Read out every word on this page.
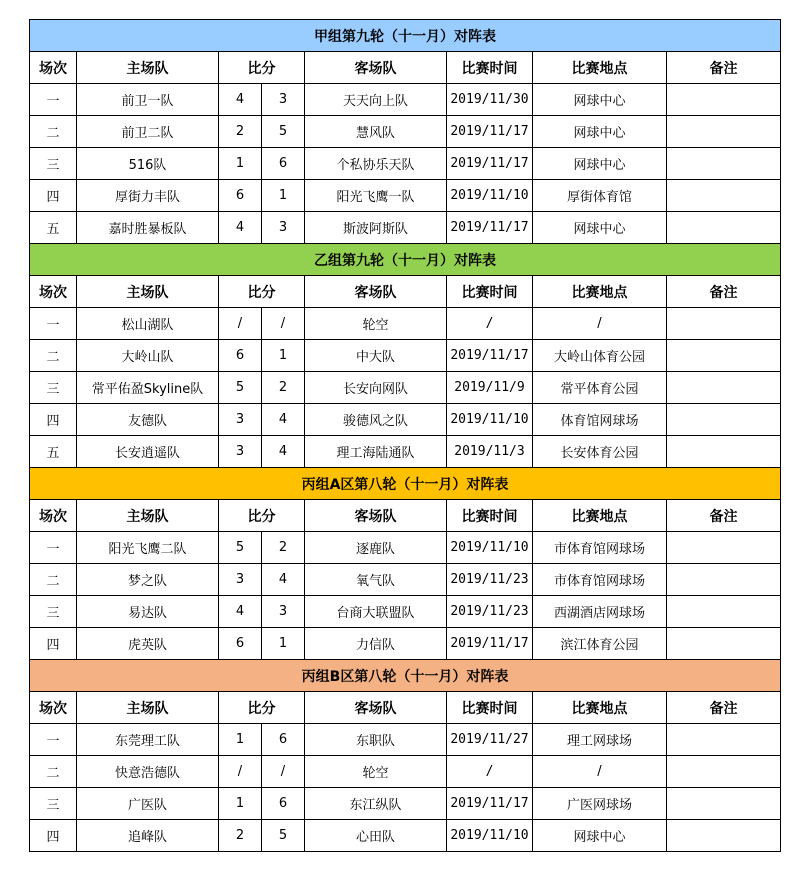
甲组第九轮（十一月）对阵表							
场次	主场队	比分		客场队	比赛时间	比赛地点	备注
一	前卫一队	4	3	天天向上队	2019/11/30	网球中心	
二	前卫二队	2	5	慧风队	2019/11/17	网球中心	
三	516队	1	6	个私协乐天队	2019/11/17	网球中心	
四	厚街力丰队	6	1	阳光飞鹰一队	2019/11/10	厚街体育馆	
五	嘉时胜暴板队	4	3	斯波阿斯队	2019/11/17	网球中心	
乙组第九轮（十一月）对阵表							
场次	主场队	比分		客场队	比赛时间	比赛地点	备注
一	松山湖队	/	/	轮空	/	/	
二	大岭山队	6	1	中大队	2019/11/17	大岭山体育公园	
三	常平佑盈Skyline队	5	2	长安向网队	2019/11/9	常平体育公园	
四	友德队	3	4	骏德风之队	2019/11/10	体育馆网球场	
五	长安逍遥队	3	4	理工海陆通队	2019/11/3	长安体育公园	
丙组A区第八轮（十一月）对阵表							
场次	主场队	比分		客场队	比赛时间	比赛地点	备注
一	阳光飞鹰二队	5	2	逐鹿队	2019/11/10	市体育馆网球场	
二	梦之队	3	4	氧气队	2019/11/23	市体育馆网球场	
三	易达队	4	3	台商大联盟队	2019/11/23	西湖酒店网球场	
四	虎英队	6	1	力信队	2019/11/17	滨江体育公园	
丙组B区第八轮（十一月）对阵表							
场次	主场队	比分		客场队	比赛时间	比赛地点	备注
一	东莞理工队	1	6	东职队	2019/11/27	理工网球场	
二	快意浩德队	/	/	轮空	/	/	
三	广医队	1	6	东江纵队	2019/11/17	广医网球场	
四	追峰队	2	5	心田队	2019/11/10	网球中心	
